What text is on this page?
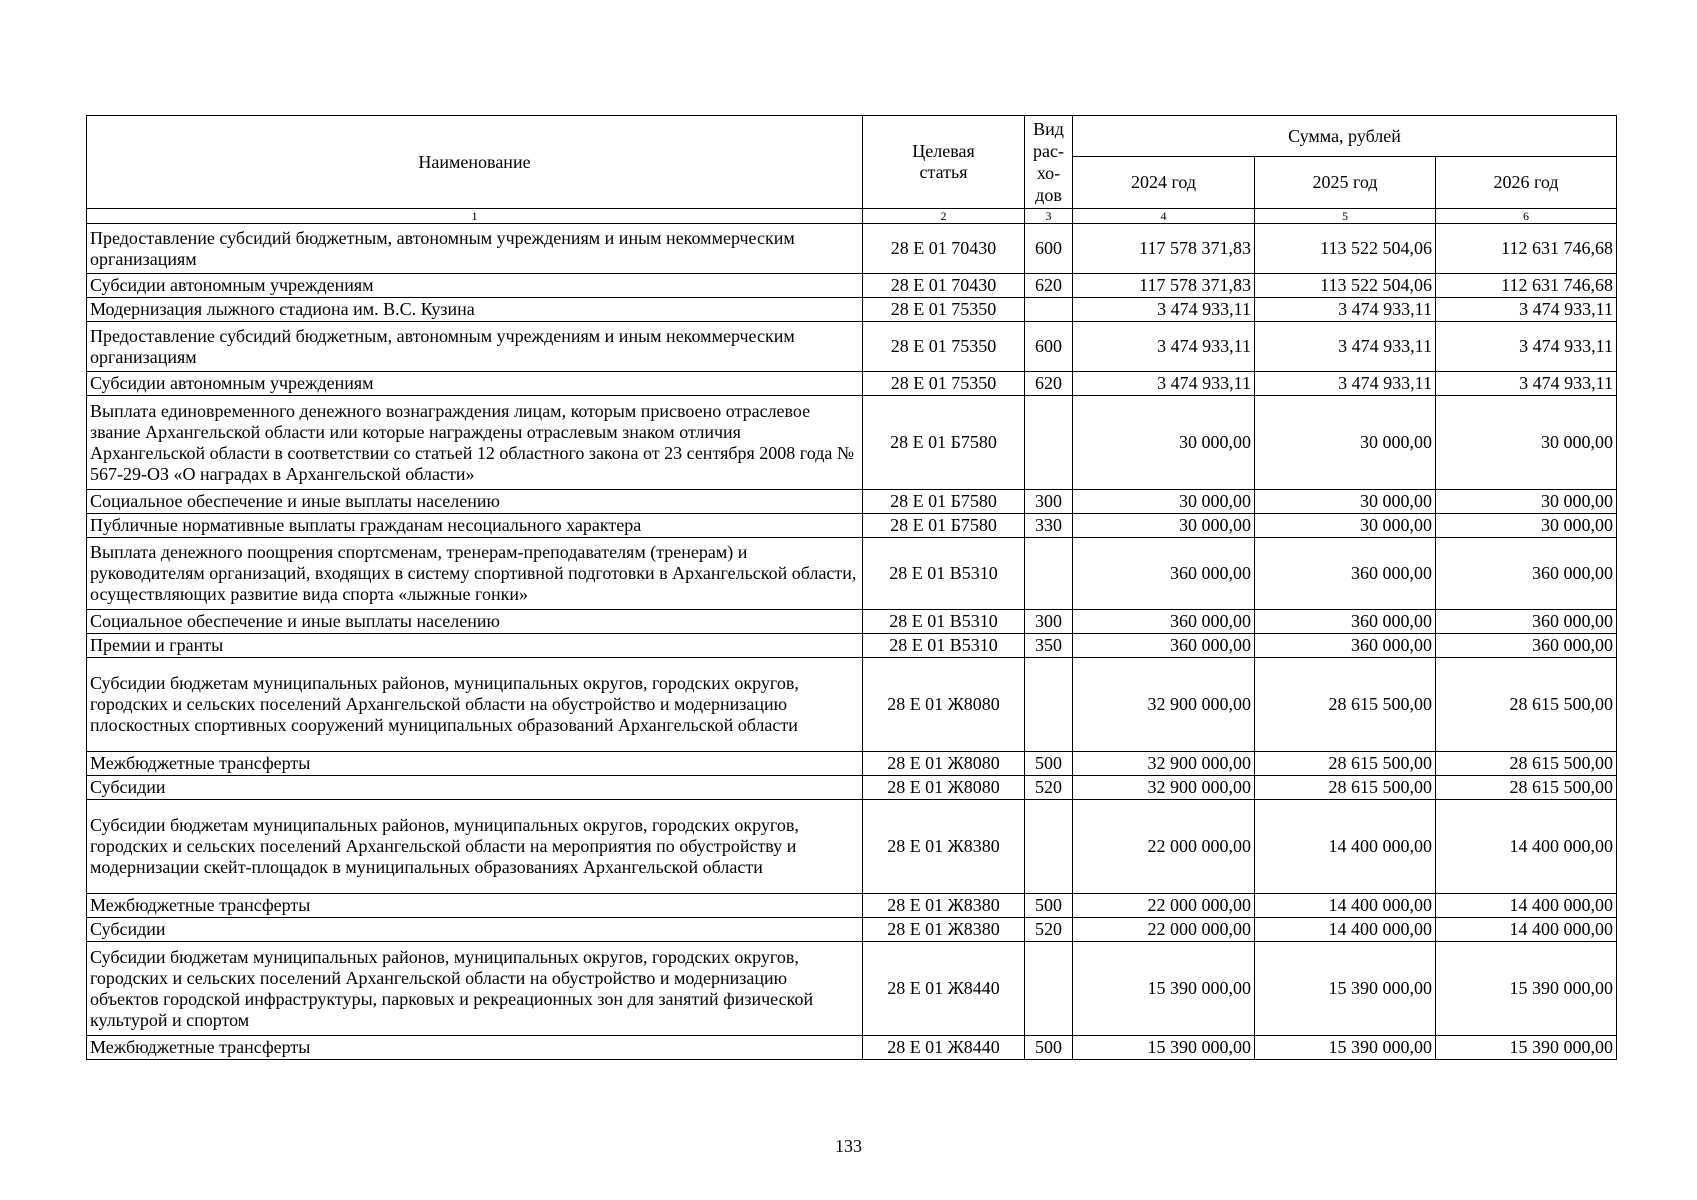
Наименование	Целевая статья	Вид рас-хо-дов	Сумма, рублей		
			2024 год	2025 год	2026 год
1	2	3	4	5	6
Предоставление субсидий бюджетным, автономным учреждениям и иным некоммерческим организациям	28 Е 01 70430	600	117 578 371,83	113 522 504,06	112 631 746,68
Субсидии автономным учреждениям	28 Е 01 70430	620	117 578 371,83	113 522 504,06	112 631 746,68
Модернизация лыжного стадиона им. В.С. Кузина	28 Е 01 75350		3 474 933,11	3 474 933,11	3 474 933,11
Предоставление субсидий бюджетным, автономным учреждениям и иным некоммерческим организациям	28 Е 01 75350	600	3 474 933,11	3 474 933,11	3 474 933,11
Субсидии автономным учреждениям	28 Е 01 75350	620	3 474 933,11	3 474 933,11	3 474 933,11
Выплата единовременного денежного вознаграждения лицам, которым присвоено отраслевое звание Архангельской области или которые награждены отраслевым знаком отличия Архангельской области в соответствии со статьей 12 областного закона от 23 сентября 2008 года № 567-29-ОЗ «О наградах в Архангельской области»	28 Е 01 Б7580		30 000,00	30 000,00	30 000,00
Социальное обеспечение и иные выплаты населению	28 Е 01 Б7580	300	30 000,00	30 000,00	30 000,00
Публичные нормативные выплаты гражданам несоциального характера	28 Е 01 Б7580	330	30 000,00	30 000,00	30 000,00
Выплата денежного поощрения спортсменам, тренерам-преподавателям (тренерам) и руководителям организаций, входящих в систему спортивной подготовки в Архангельской области, осуществляющих развитие вида спорта «лыжные гонки»	28 Е 01 В5310		360 000,00	360 000,00	360 000,00
Социальное обеспечение и иные выплаты населению	28 Е 01 В5310	300	360 000,00	360 000,00	360 000,00
Премии и гранты	28 Е 01 В5310	350	360 000,00	360 000,00	360 000,00
Субсидии бюджетам муниципальных районов, муниципальных округов, городских округов, городских и сельских поселений Архангельской области на обустройство и модернизацию плоскостных спортивных сооружений муниципальных образований Архангельской области	28 Е 01 Ж8080		32 900 000,00	28 615 500,00	28 615 500,00
Межбюджетные трансферты	28 Е 01 Ж8080	500	32 900 000,00	28 615 500,00	28 615 500,00
Субсидии	28 Е 01 Ж8080	520	32 900 000,00	28 615 500,00	28 615 500,00
Субсидии бюджетам муниципальных районов, муниципальных округов, городских округов, городских и сельских поселений Архангельской области на мероприятия по обустройству и модернизации скейт-площадок в муниципальных образованиях Архангельской области	28 Е 01 Ж8380		22 000 000,00	14 400 000,00	14 400 000,00
Межбюджетные трансферты	28 Е 01 Ж8380	500	22 000 000,00	14 400 000,00	14 400 000,00
Субсидии	28 Е 01 Ж8380	520	22 000 000,00	14 400 000,00	14 400 000,00
Субсидии бюджетам муниципальных районов, муниципальных округов, городских округов, городских и сельских поселений Архангельской области на обустройство и модернизацию объектов городской инфраструктуры, парковых и рекреационных зон для занятий физической культурой и спортом	28 Е 01 Ж8440		15 390 000,00	15 390 000,00	15 390 000,00
Межбюджетные трансферты	28 Е 01 Ж8440	500	15 390 000,00	15 390 000,00	15 390 000,00
133
